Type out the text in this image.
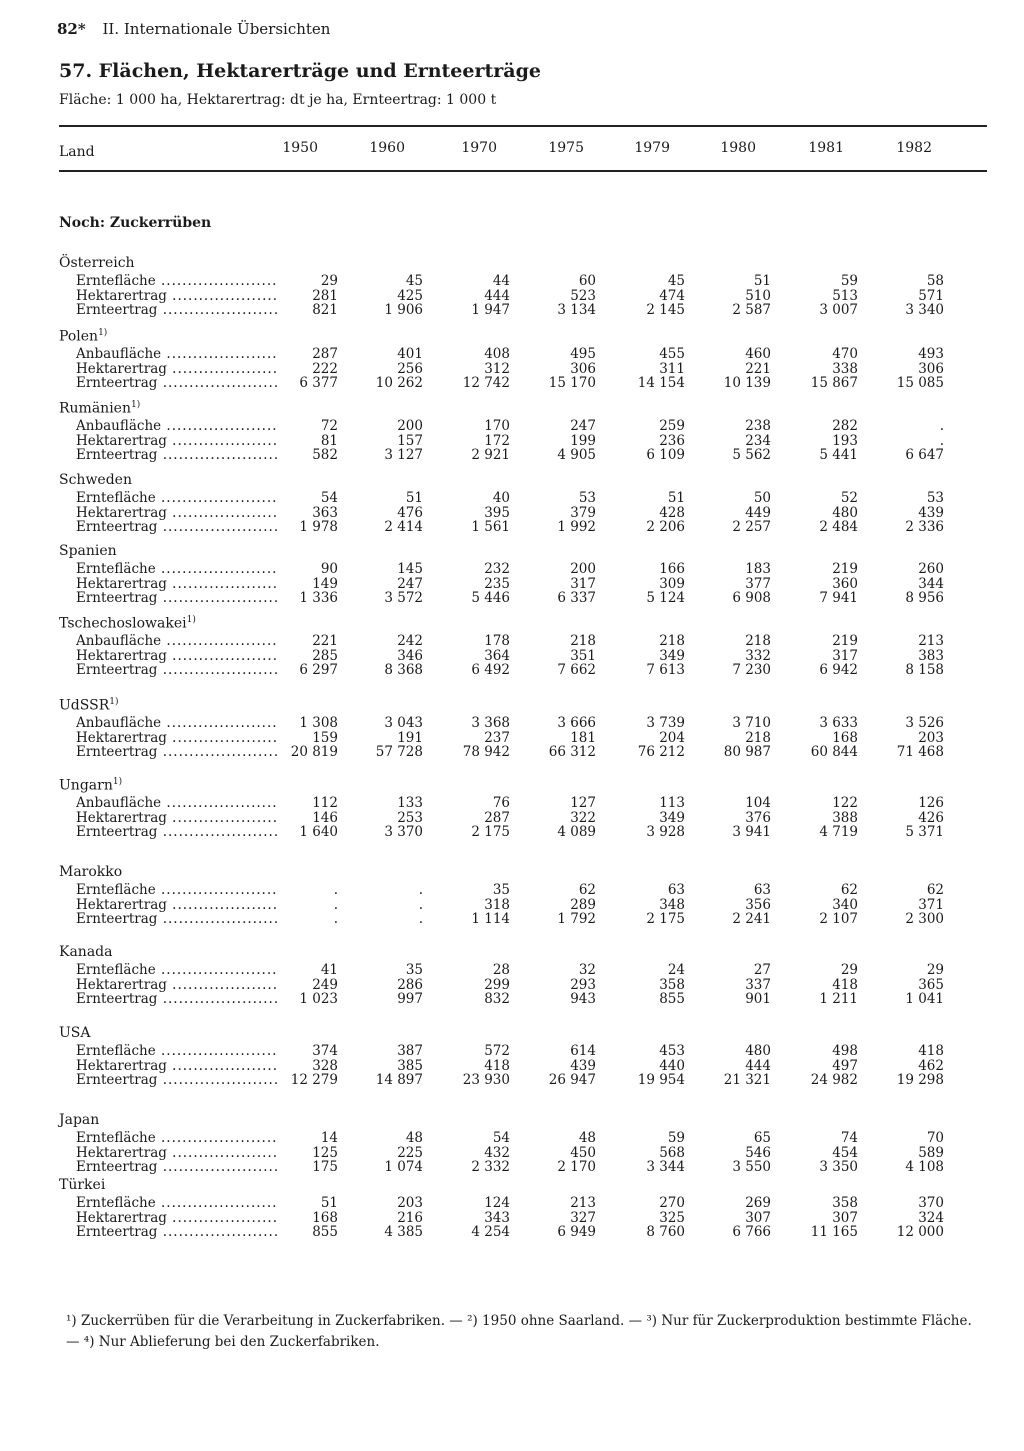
82* II. Internationale Übersichten
57. Flächen, Hektarerträge und Ernteerträge
Fläche: 1 000 ha, Hektarertrag: dt je ha, Ernteertrag: 1 000 t
Land	1950	1960	1970	1975	1979	1980	1981	1982
Noch: Zuckerrüben
Österreich
Erntefläche .....	29	45	44	60	45	51	59	58
Hektarertrag .....	281	425	444	523	474	510	513	571
Ernteertrag .....	821	1 906	1 947	3 134	2 145	2 587	3 007	3 340
Polen$^{1)}$
Anbaufläche .....	287	401	408	495	455	460	470	493
Hektarertrag .....	222	256	312	306	311	221	338	306
Ernteertrag .....	6 377	10 262	12 742	15 170	14 154	10 139	15 867	15 085
Rumänien$^{1)}$
Anbaufläche .....	72	200	170	247	259	238	282	.
Hektarertrag .....	81	157	172	199	236	234	193	.
Ernteertrag .....	582	3 127	2 921	4 905	6 109	5 562	5 441	6 647
Schweden
Erntefläche .....	54	51	40	53	51	50	52	53
Hektarertrag .....	363	476	395	379	428	449	480	439
Ernteertrag .....	1 978	2 414	1 561	1 992	2 206	2 257	2 484	2 336
Spanien
Erntefläche .....	90	145	232	200	166	183	219	260
Hektarertrag .....	149	247	235	317	309	377	360	344
Ernteertrag .....	1 336	3 572	5 446	6 337	5 124	6 908	7 941	8 956
Tschechoslowakei$^{1)}$
Anbaufläche .....	221	242	178	218	218	218	219	213
Hektarertrag .....	285	346	364	351	349	332	317	383
Ernteertrag .....	6 297	8 368	6 492	7 662	7 613	7 230	6 942	8 158
UdSSR$^{1)}$
Anbaufläche .....	1 308	3 043	3 368	3 666	3 739	3 710	3 633	3 526
Hektarertrag .....	159	191	237	181	204	218	168	203
Ernteertrag .....	20 819	57 728	78 942	66 312	76 212	80 987	60 844	71 468
Ungarn$^{1)}$
Anbaufläche .....	112	133	76	127	113	104	122	126
Hektarertrag .....	146	253	287	322	349	376	388	426
Ernteertrag .....	1 640	3 370	2 175	4 089	3 928	3 941	4 719	5 371
Marokko
Erntefläche .....	.	.	35	62	63	63	62	62
Hektarertrag .....	.	.	318	289	348	356	340	371
Ernteertrag .....	.	.	1 114	1 792	2 175	2 241	2 107	2 300
Kanada
Erntefläche .....	41	35	28	32	24	27	29	29
Hektarertrag .....	249	286	299	293	358	337	418	365
Ernteertrag .....	1 023	997	832	943	855	901	1 211	1 041
USA
Erntefläche .....	374	387	572	614	453	480	498	418
Hektarertrag .....	328	385	418	439	440	444	497	462
Ernteertrag .....	12 279	14 897	23 930	26 947	19 954	21 321	24 982	19 298
Japan
Erntefläche .....	14	48	54	48	59	65	74	70
Hektarertrag .....	125	225	432	450	568	546	454	589
Ernteertrag .....	175	1 074	2 332	2 170	3 344	3 550	3 350	4 108
Türkei
Erntefläche .....	51	203	124	213	270	269	358	370
Hektarertrag .....	168	216	343	327	325	307	307	324
Ernteertrag .....	855	4 385	4 254	6 949	8 760	6 766	11 165	12 000
¹) Zuckerrüben für die Verarbeitung in Zuckerfabriken. — ²) 1950 ohne Saarland. — ³) Nur für Zuckerproduktion bestimmte Fläche.
— ⁴) Nur Ablieferung bei den Zuckerfabriken.
